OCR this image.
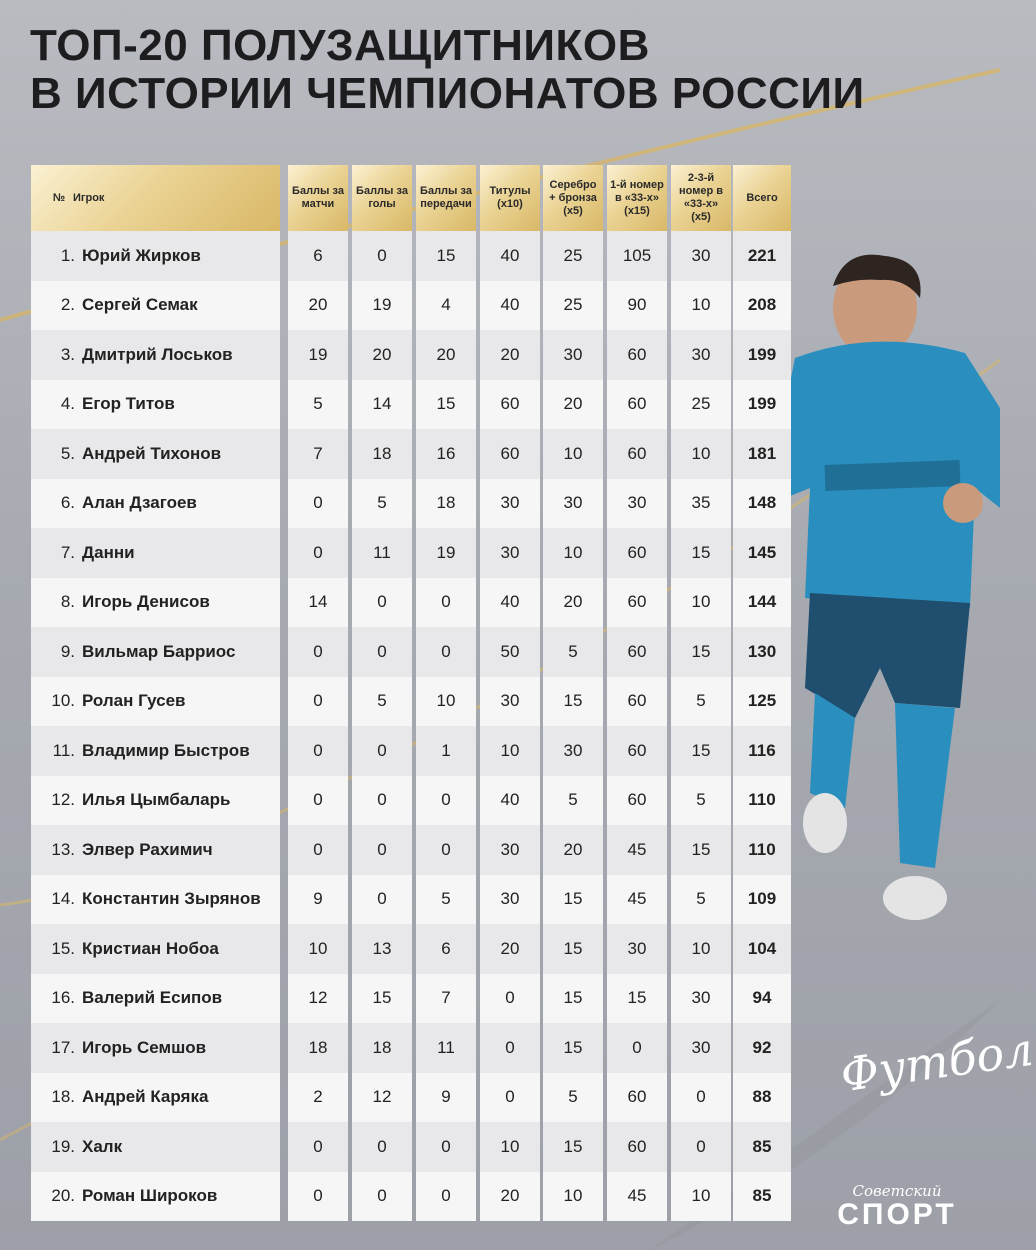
ТОП-20 ПОЛУЗАЩИТНИКОВ
В ИСТОРИИ ЧЕМПИОНАТОВ РОССИИ
№ Игрок
1. Юрий Жирков
2. Сергей Семак
3. Дмитрий Лоськов
4. Егор Титов
5. Андрей Тихонов
6. Алан Дзагоев
7. Данни
8. Игорь Денисов
9. Вильмар Барриос
10. Ролан Гусев
11. Владимир Быстров
12. Илья Цымбаларь
13. Элвер Рахимич
14. Константин Зырянов
15. Кристиан Нобоа
16. Валерий Есипов
17. Игорь Семшов
18. Андрей Каряка
19. Халк
20. Роман Широков
Баллы за матчи
6
20
19
5
7
0
0
14
0
0
0
0
0
9
10
12
18
2
0
0
Баллы за голы
0
19
20
14
18
5
11
0
0
5
0
0
0
0
13
15
18
12
0
0
Баллы за передачи
15
4
20
15
16
18
19
0
0
10
1
0
0
5
6
7
11
9
0
0
Титулы (х10)
40
40
20
60
60
30
30
40
50
30
10
40
30
30
20
0
0
0
10
20
Серебро + бронза (х5)
25
25
30
20
10
30
10
20
5
15
30
5
20
15
15
15
15
5
15
10
1-й номер в «33-х» (х15)
105
90
60
60
60
30
60
60
60
60
60
60
45
45
30
15
0
60
60
45
2-3-й номер в «33-х» (х5)
30
10
30
25
10
35
15
10
15
5
15
5
15
5
10
30
30
0
0
10
Всего
221
208
199
199
181
148
145
144
130
125
116
110
110
109
104
94
92
88
85
85
Футбол
Советский
СПОРТ
